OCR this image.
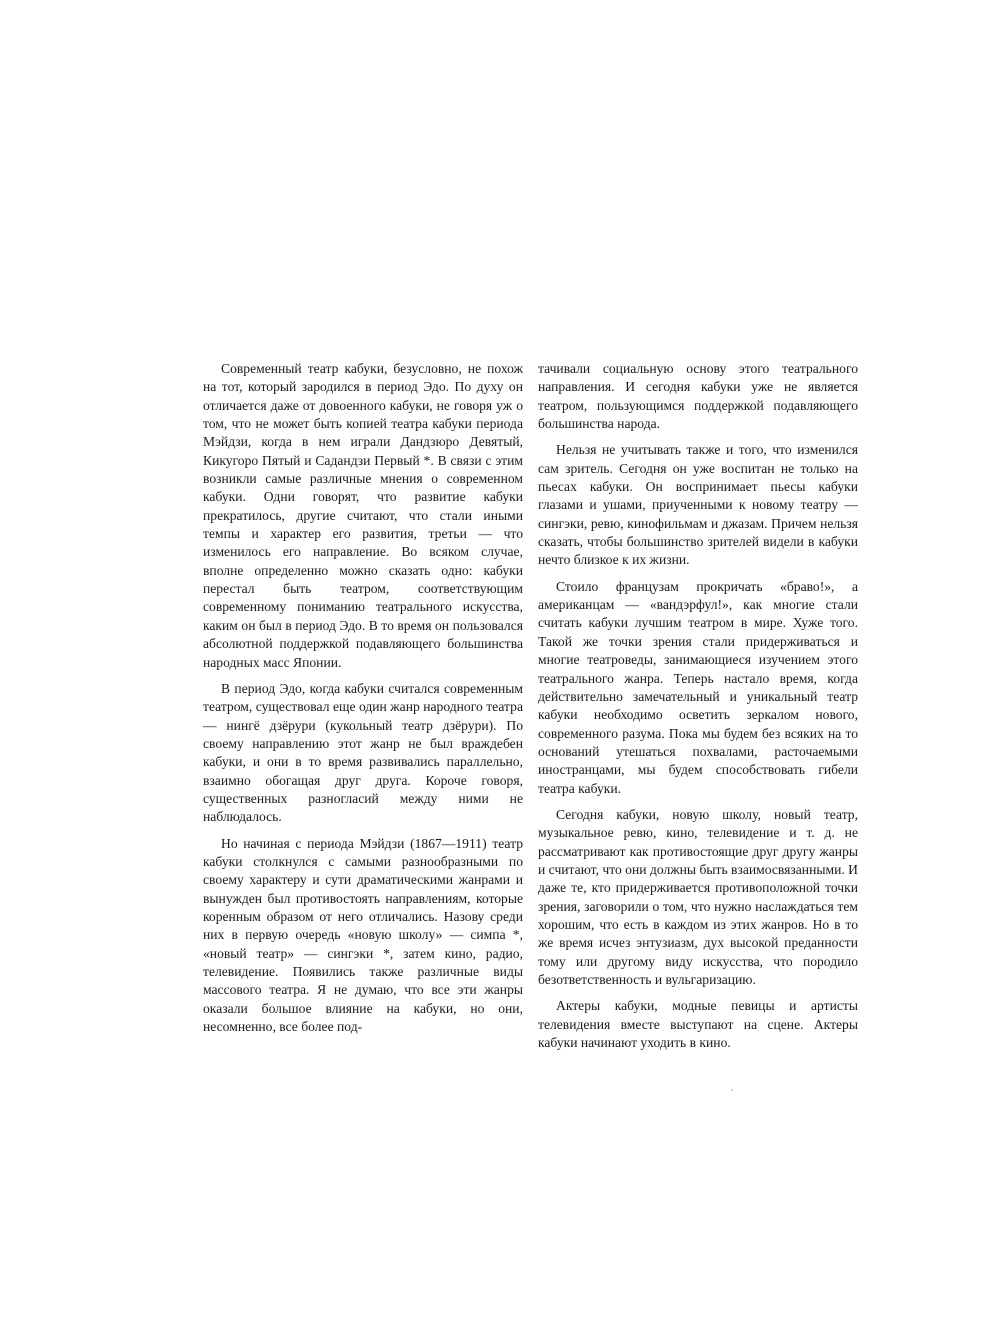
Современный театр кабуки, безусловно, не похож на тот, который зародился в период Эдо. По духу он отличается даже от довоенного кабуки, не говоря уж о том, что не может быть копией театра кабуки периода Мэйдзи, когда в нем играли Дандзюро Девятый, Кикугоро Пятый и Садандзи Первый *. В связи с этим возникли самые различные мнения о современном кабуки. Одни говорят, что развитие кабуки прекратилось, другие считают, что стали иными темпы и характер его развития, третьи — что изменилось его направление. Во всяком случае, вполне определенно можно сказать одно: кабуки перестал быть театром, соответствующим современному пониманию театрального искусства, каким он был в период Эдо. В то время он пользовался абсолютной поддержкой подавляющего большинства народных масс Японии.

В период Эдо, когда кабуки считался современным театром, существовал еще один жанр народного театра — нингё дзёрури (кукольный театр дзёрури). По своему направлению этот жанр не был враждебен кабуки, и они в то время развивались параллельно, взаимно обогащая друг друга. Короче говоря, существенных разногласий между ними не наблюдалось.

Но начиная с периода Мэйдзи (1867—1911) театр кабуки столкнулся с самыми разнообразными по своему характеру и сути драматическими жанрами и вынужден был противостоять направлениям, которые коренным образом от него отличались. Назову среди них в первую очередь «новую школу» — симпа *, «новый театр» — сингэки *, затем кино, радио, телевидение. Появились также различные виды массового театра. Я не думаю, что все эти жанры оказали большое влияние на кабуки, но они, несомненно, все более под-

тачивали социальную основу этого театрального направления. И сегодня кабуки уже не является театром, пользующимся поддержкой подавляющего большинства народа.

Нельзя не учитывать также и того, что изменился сам зритель. Сегодня он уже воспитан не только на пьесах кабуки. Он воспринимает пьесы кабуки глазами и ушами, приученными к новому театру — сингэки, ревю, кинофильмам и джазам. Причем нельзя сказать, чтобы большинство зрителей видели в кабуки нечто близкое к их жизни.

Стоило французам прокричать «браво!», а американцам — «вандэрфул!», как многие стали считать кабуки лучшим театром в мире. Хуже того. Такой же точки зрения стали придерживаться и многие театроведы, занимающиеся изучением этого театрального жанра. Теперь настало время, когда действительно замечательный и уникальный театр кабуки необходимо осветить зеркалом нового, современного разума. Пока мы будем без всяких на то оснований утешаться похвалами, расточаемыми иностранцами, мы будем способствовать гибели театра кабуки.

Сегодня кабуки, новую школу, новый театр, музыкальное ревю, кино, телевидение и т. д. не рассматривают как противостоящие друг другу жанры и считают, что они должны быть взаимосвязанными. И даже те, кто придерживается противоположной точки зрения, заговорили о том, что нужно наслаждаться тем хорошим, что есть в каждом из этих жанров. Но в то же время исчез энтузиазм, дух высокой преданности тому или другому виду искусства, что породило безответственность и вульгаризацию.

Актеры кабуки, модные певицы и артисты телевидения вместе выступают на сцене. Актеры кабуки начинают уходить в кино.
